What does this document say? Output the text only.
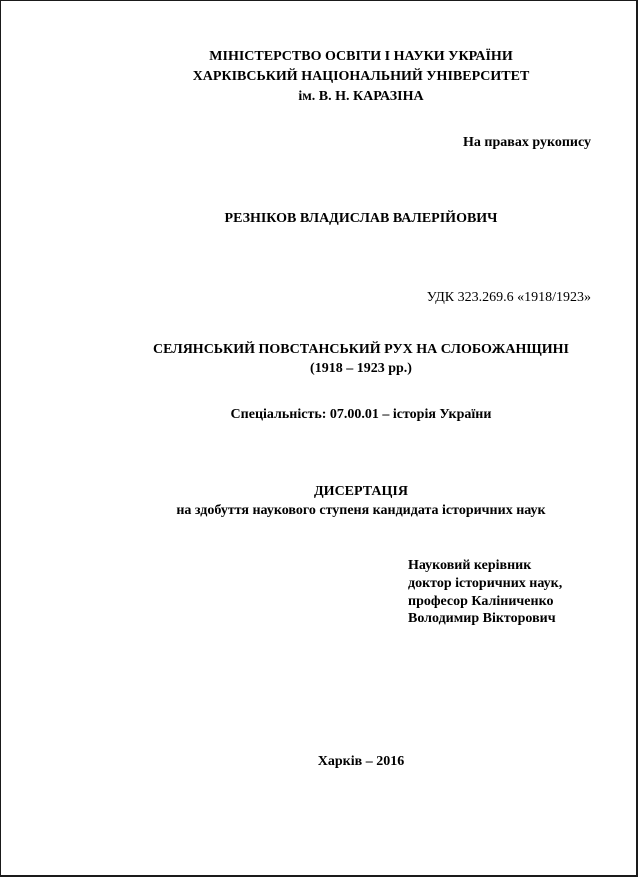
МІНІСТЕРСТВО ОСВІТИ І НАУКИ УКРАЇНИ
ХАРКІВСЬКИЙ НАЦІОНАЛЬНИЙ УНІВЕРСИТЕТ
ім. В. Н. КАРАЗІНА
На правах рукопису
РЕЗНІКОВ ВЛАДИСЛАВ ВАЛЕРІЙОВИЧ
УДК 323.269.6 «1918/1923»
СЕЛЯНСЬКИЙ ПОВСТАНСЬКИЙ РУХ НА СЛОБОЖАНЩИНІ
(1918 – 1923 рр.)
Спеціальність: 07.00.01 – історія України
ДИСЕРТАЦІЯ
на здобуття наукового ступеня кандидата історичних наук
Науковий керівник
доктор історичних наук,
професор Каліниченко
Володимир Вікторович
Харків – 2016
